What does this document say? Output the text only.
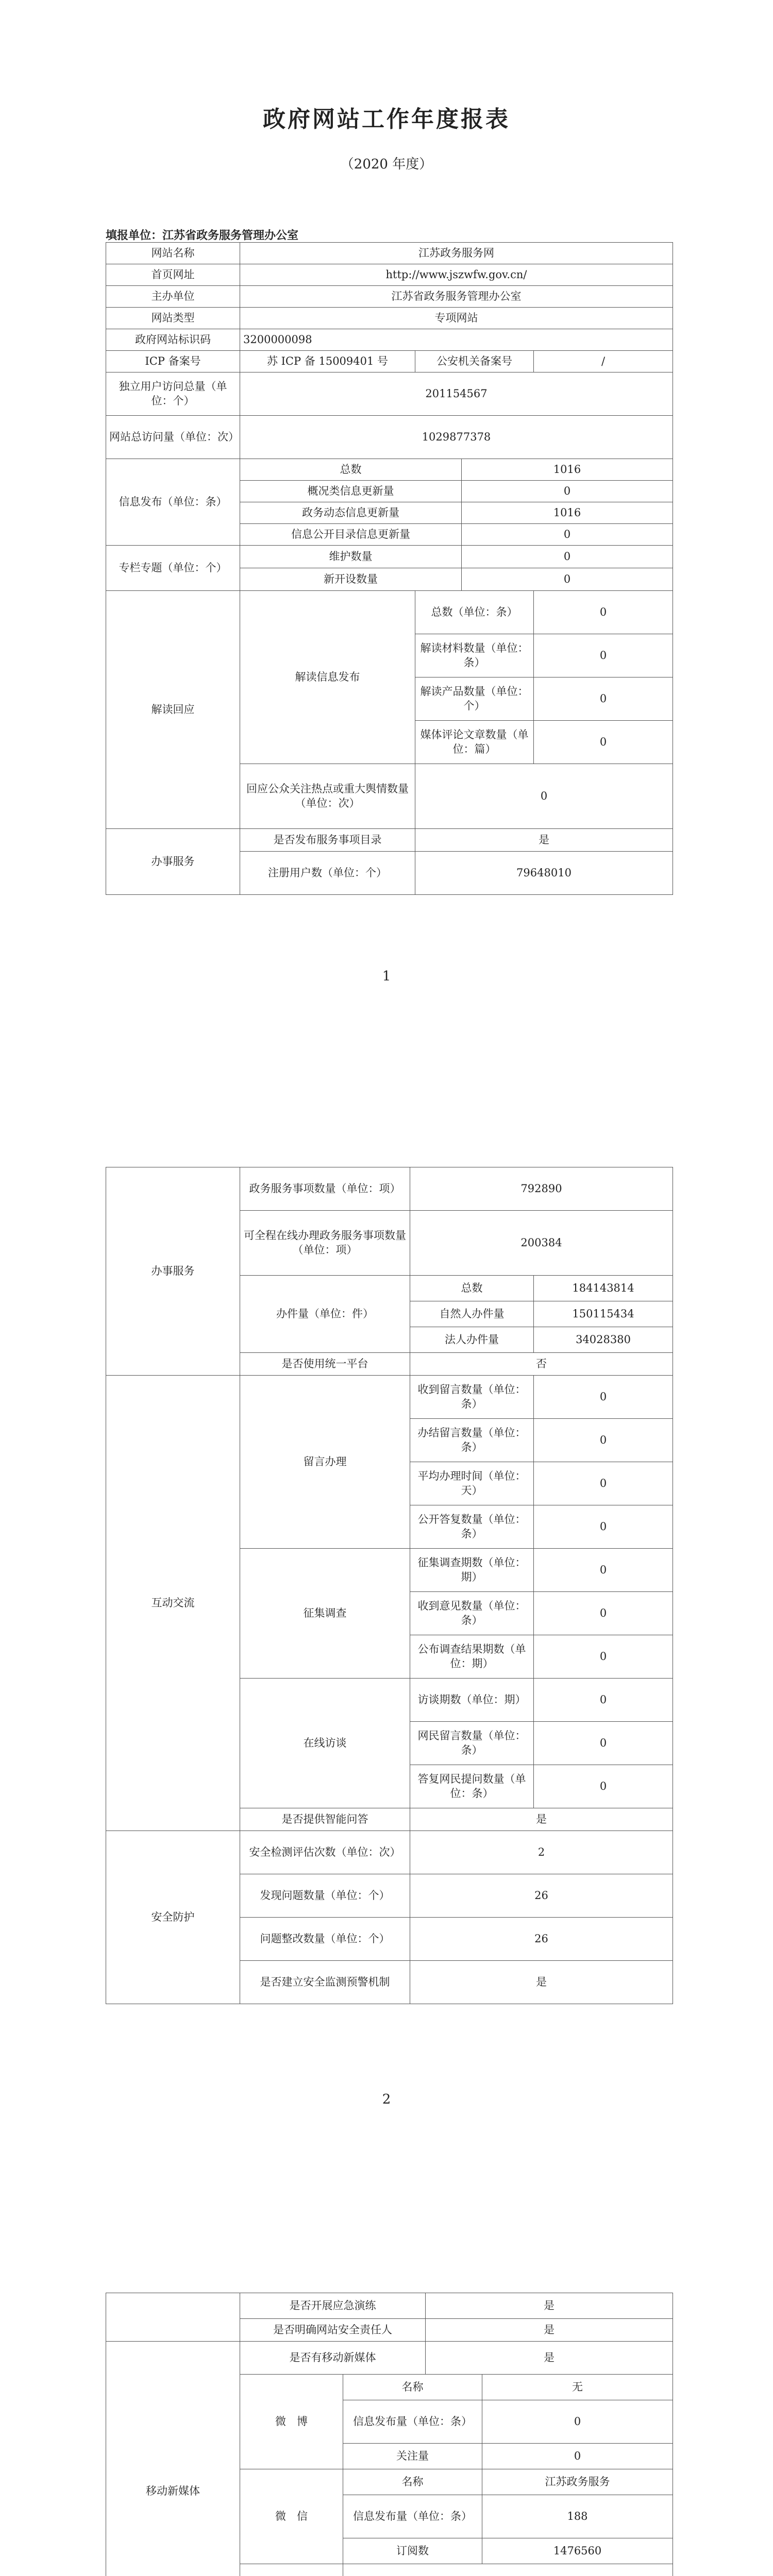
政府网站工作年度报表
（2020 年度）
填报单位：江苏省政务服务管理办公室
网站名称	江苏政务服务网			
首页网址	http://www.jszwfw.gov.cn/			
主办单位	江苏省政务服务管理办公室			
网站类型	专项网站			
政府网站标识码	3200000098			
ICP 备案号	苏 ICP 备 15009401 号	公安机关备案号		/
独立用户访问总量（单位：个）	201154567			
网站总访问量（单位：次）	1029877378			
信息发布（单位：条）	总数		1016	
	概况类信息更新量		0	
	政务动态信息更新量		1016	
	信息公开目录信息更新量		0	
专栏专题（单位：个）	维护数量		0	
	新开设数量		0	
解读回应	解读信息发布	总数（单位：条）		0
		解读材料数量（单位：条）		0
		解读产品数量（单位：个）		0
		媒体评论文章数量（单位：篇）		0
	回应公众关注热点或重大舆情数量（单位：次）	0		
办事服务	是否发布服务事项目录	是		
	注册用户数（单位：个）	79648010		
1
办事服务	政务服务事项数量（单位：项）	792890	
	可全程在线办理政务服务事项数量（单位：项）	200384	
	办件量（单位：件）	总数	184143814
		自然人办件量	150115434
		法人办件量	34028380
	是否使用统一平台	否	
互动交流	留言办理	收到留言数量（单位：条）	0
		办结留言数量（单位：条）	0
		平均办理时间（单位：天）	0
		公开答复数量（单位：条）	0
	征集调查	征集调查期数（单位：期）	0
		收到意见数量（单位：条）	0
		公布调查结果期数（单位：期）	0
	在线访谈	访谈期数（单位：期）	0
		网民留言数量（单位：条）	0
		答复网民提问数量（单位：条）	0
	是否提供智能问答	是	
安全防护	安全检测评估次数（单位：次）	2	
	发现问题数量（单位：个）	26	
	问题整改数量（单位：个）	26	
	是否建立安全监测预警机制	是	
2
	是否开展应急演练		是	
	是否明确网站安全责任人		是	
移动新媒体	是否有移动新媒体		是	
	微　博	名称		无
		信息发布量（单位：条）		0
		关注量		0
	微　信	名称		江苏政务服务
		信息发布量（单位：条）		188
		订阅数		1476560
